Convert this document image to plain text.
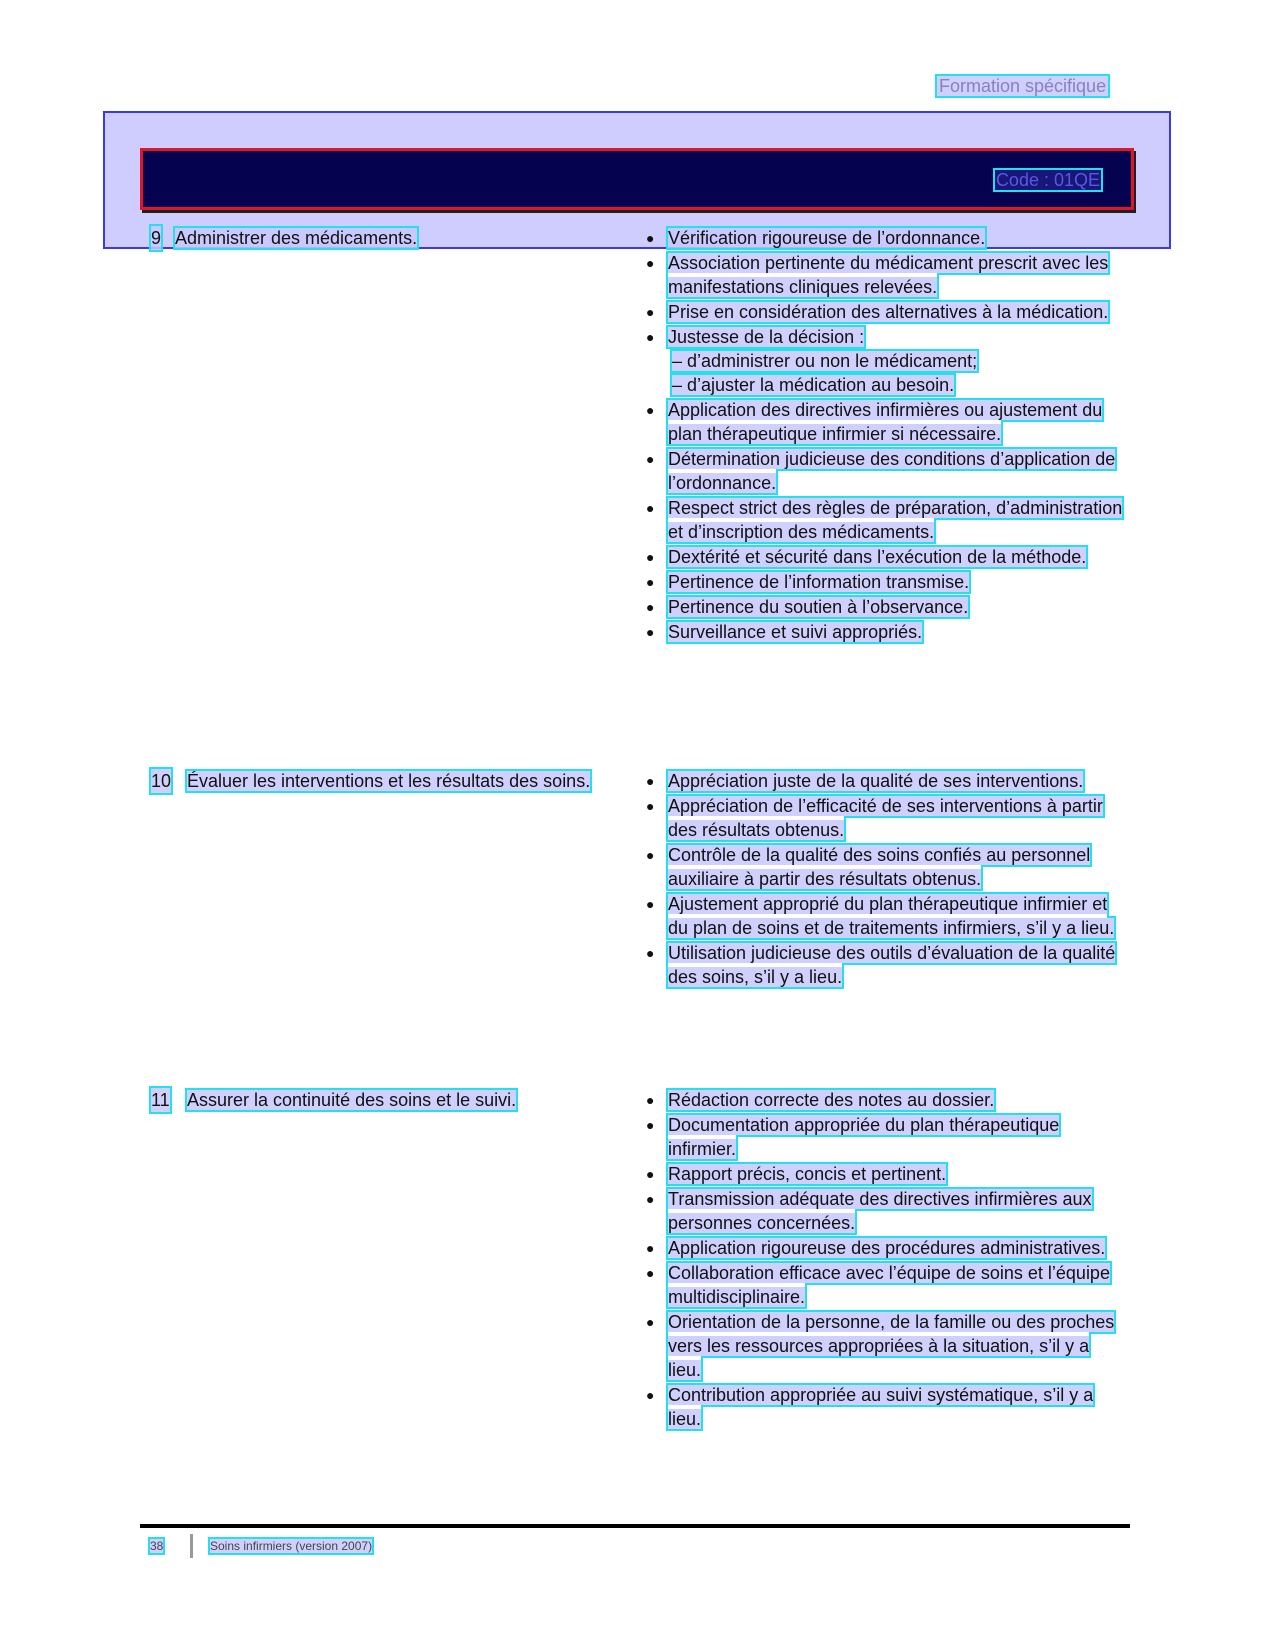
Formation spécifique
Code : 01QE
9 Administrer des médicaments.	● Vérification rigoureuse de l’ordonnance.
● Association pertinente du médicament prescrit avec les manifestations cliniques relevées.
● Prise en considération des alternatives à la médication.
● Justesse de la décision :
– d’administrer ou non le médicament;
– d’ajuster la médication au besoin.
● Application des directives infirmières ou ajustement du plan thérapeutique infirmier si nécessaire.
● Détermination judicieuse des conditions d’application de l’ordonnance.
● Respect strict des règles de préparation, d’administration et d’inscription des médicaments.
● Dextérité et sécurité dans l’exécution de la méthode.
● Pertinence de l’information transmise.
● Pertinence du soutien à l’observance.
● Surveillance et suivi appropriés.
10 Évaluer les interventions et les résultats des soins.	● Appréciation juste de la qualité de ses interventions.
● Appréciation de l’efficacité de ses interventions à partir des résultats obtenus.
● Contrôle de la qualité des soins confiés au personnel auxiliaire à partir des résultats obtenus.
● Ajustement approprié du plan thérapeutique infirmier et du plan de soins et de traitements infirmiers, s’il y a lieu.
● Utilisation judicieuse des outils d’évaluation de la qualité des soins, s’il y a lieu.
11 Assurer la continuité des soins et le suivi.	● Rédaction correcte des notes au dossier.
● Documentation appropriée du plan thérapeutique infirmier.
● Rapport précis, concis et pertinent.
● Transmission adéquate des directives infirmières aux personnes concernées.
● Application rigoureuse des procédures administratives.
● Collaboration efficace avec l’équipe de soins et l’équipe multidisciplinaire.
● Orientation de la personne, de la famille ou des proches vers les ressources appropriées à la situation, s’il y a lieu.
● Contribution appropriée au suivi systématique, s’il y a lieu.
38	Soins infirmiers (version 2007)
